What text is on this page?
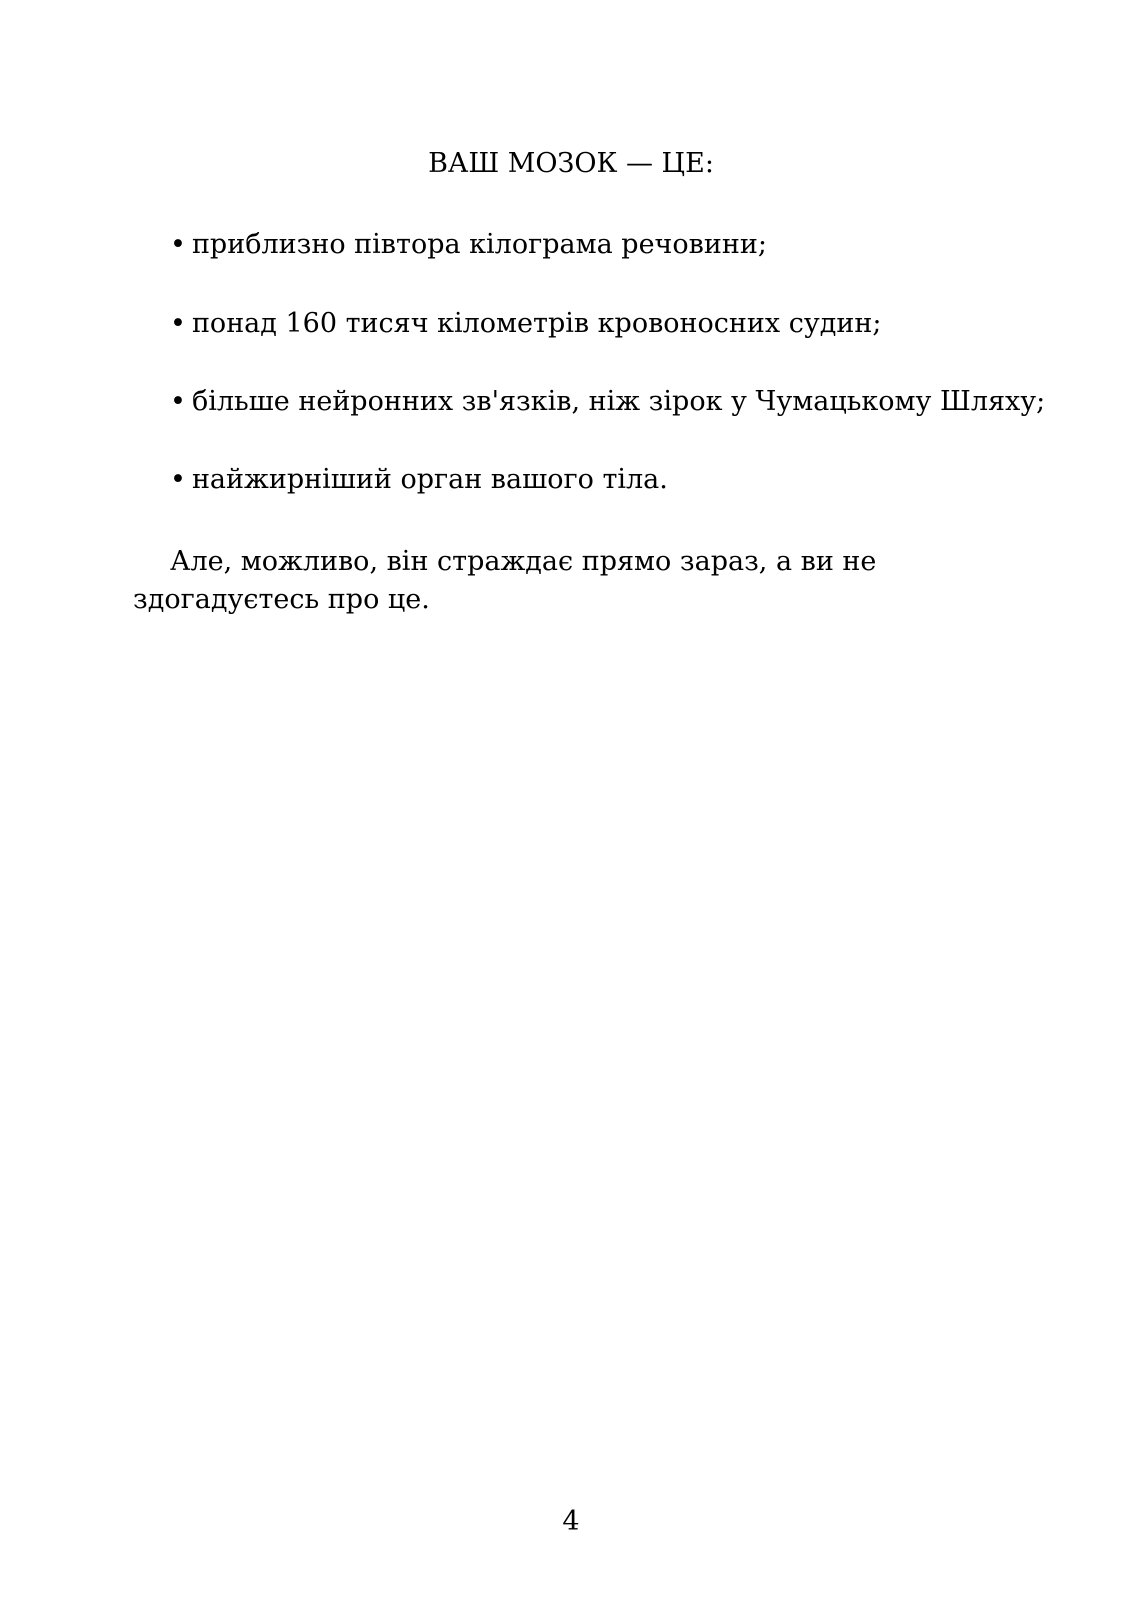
ВАШ МОЗОК — ЦЕ:
• приблизно півтора кілограма речовини;
• понад 160 тисяч кілометрів кровоносних судин;
• більше нейронних зв'язків, ніж зірок у Чумацькому Шляху;
• найжирніший орган вашого тіла.

Але, можливо, він страждає прямо зараз, а ви не здогадуєтесь про це.

4
